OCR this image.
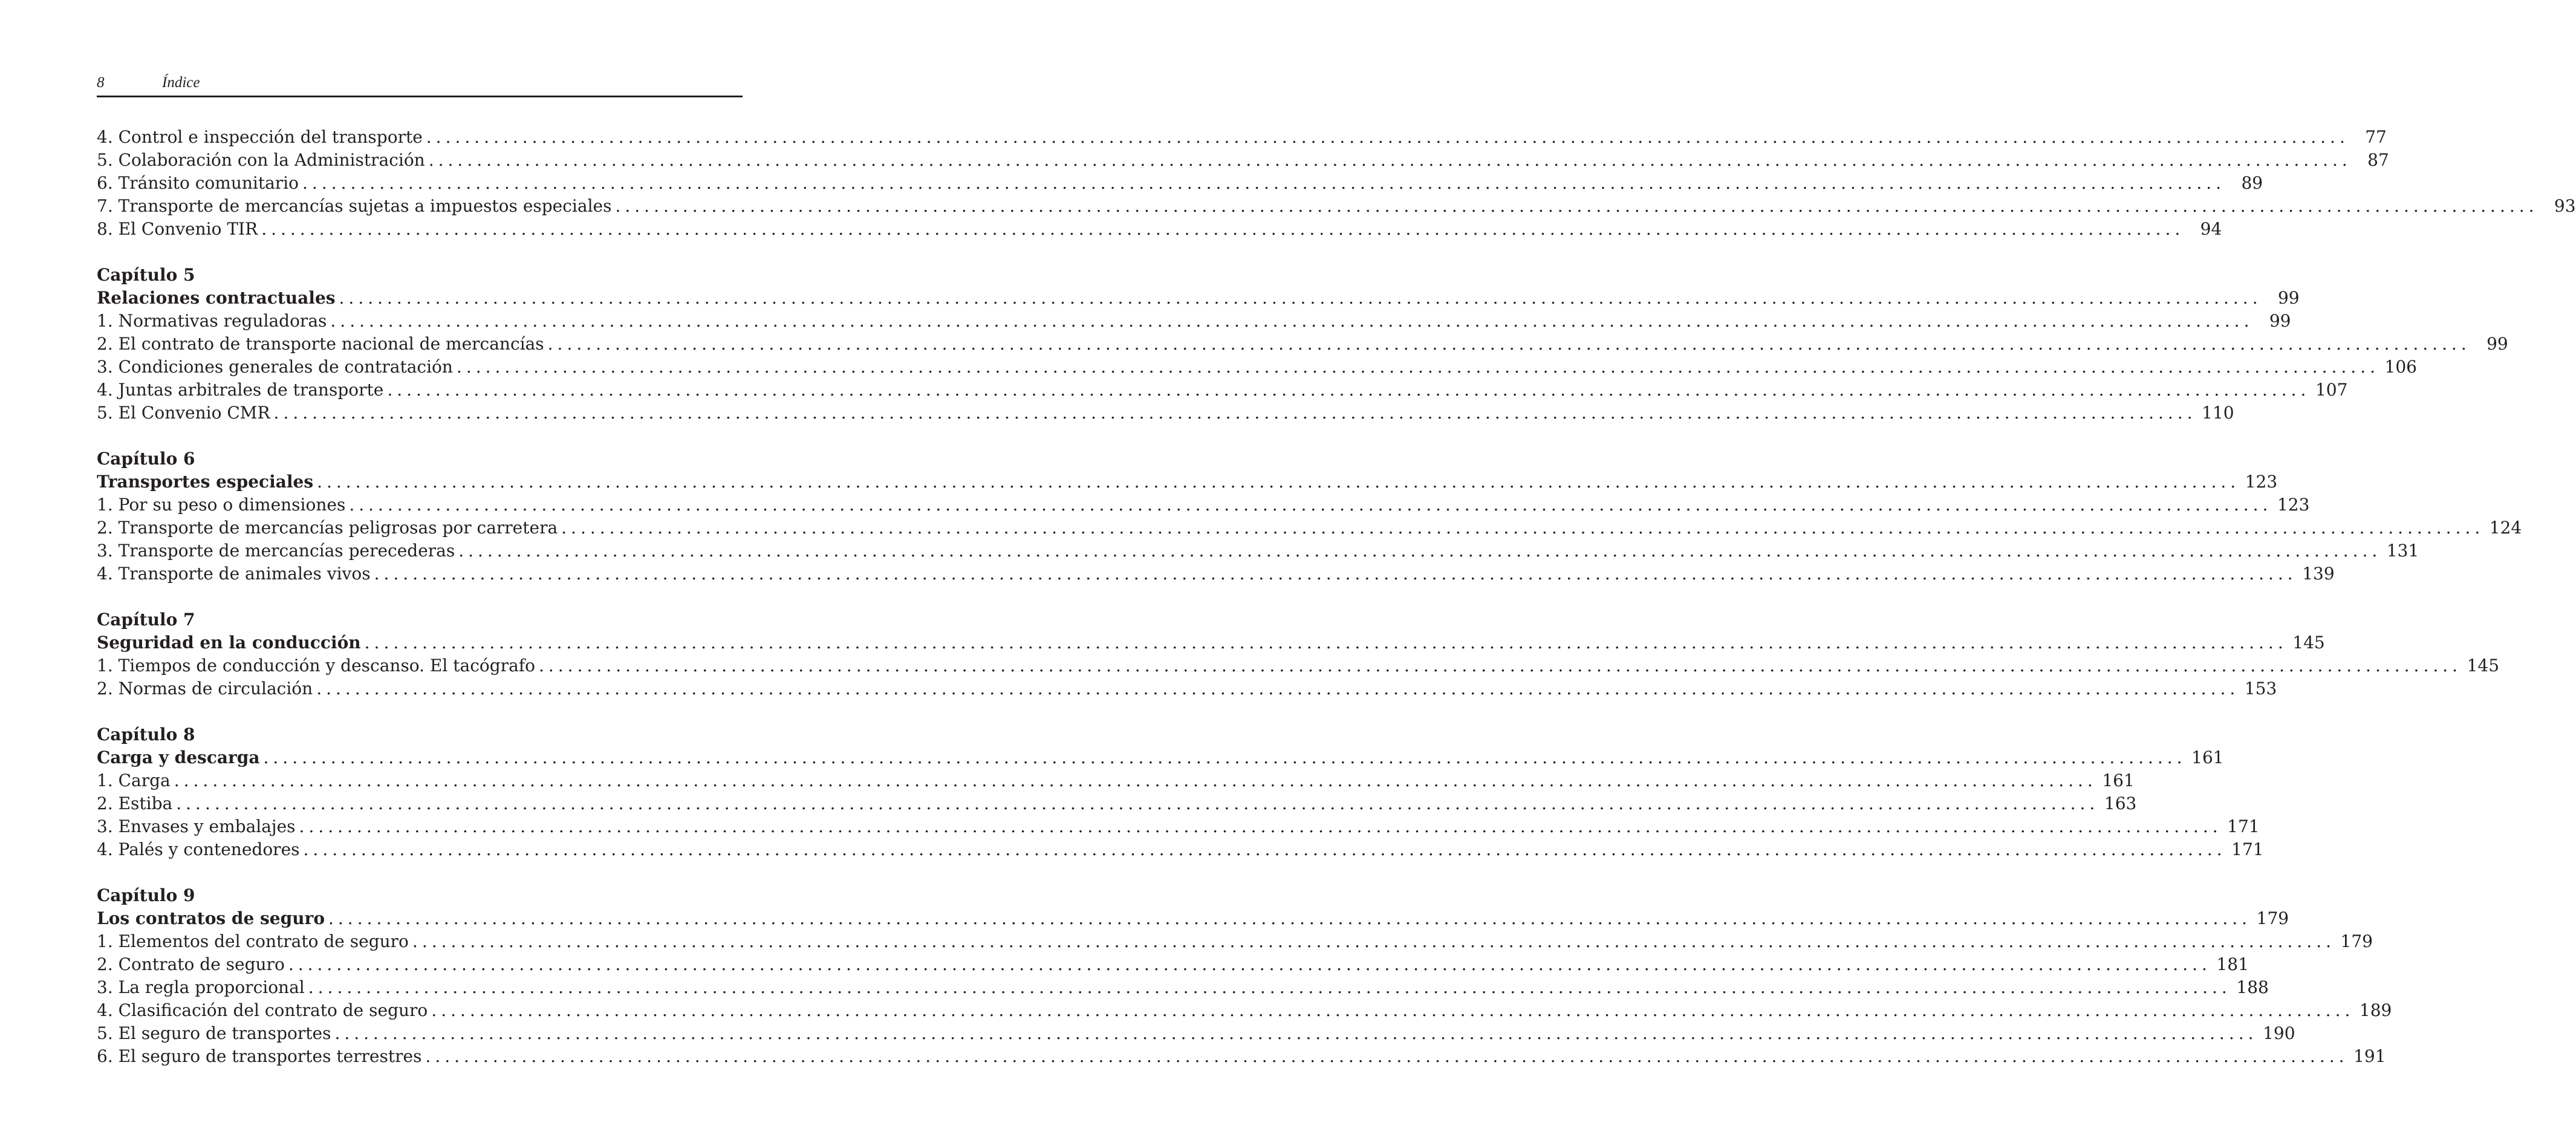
8	Índice
4. Control e inspección del transporte ........................................................................................................................................................................................................ 77
5. Colaboración con la Administración ........................................................................................................................................................................................................ 87
6. Tránsito comunitario ........................................................................................................................................................................................................ 89
7. Transporte de mercancías sujetas a impuestos especiales ........................................................................................................................................................................................................ 93
8. El Convenio TIR ........................................................................................................................................................................................................ 94
Capítulo 5
Relaciones contractuales ........................................................................................................................................................................................................ 99
1. Normativas reguladoras ........................................................................................................................................................................................................ 99
2. El contrato de transporte nacional de mercancías ........................................................................................................................................................................................................ 99
3. Condiciones generales de contratación ........................................................................................................................................................................................................ 106
4. Juntas arbitrales de transporte ........................................................................................................................................................................................................ 107
5. El Convenio CMR ........................................................................................................................................................................................................ 110
Capítulo 6
Transportes especiales ........................................................................................................................................................................................................ 123
1. Por su peso o dimensiones ........................................................................................................................................................................................................ 123
2. Transporte de mercancías peligrosas por carretera ........................................................................................................................................................................................................ 124
3. Transporte de mercancías perecederas ........................................................................................................................................................................................................ 131
4. Transporte de animales vivos ........................................................................................................................................................................................................ 139
Capítulo 7
Seguridad en la conducción ........................................................................................................................................................................................................ 145
1. Tiempos de conducción y descanso. El tacógrafo ........................................................................................................................................................................................................ 145
2. Normas de circulación ........................................................................................................................................................................................................ 153
Capítulo 8
Carga y descarga ........................................................................................................................................................................................................ 161
1. Carga ........................................................................................................................................................................................................ 161
2. Estiba ........................................................................................................................................................................................................ 163
3. Envases y embalajes ........................................................................................................................................................................................................ 171
4. Palés y contenedores ........................................................................................................................................................................................................ 171
Capítulo 9
Los contratos de seguro ........................................................................................................................................................................................................ 179
1. Elementos del contrato de seguro ........................................................................................................................................................................................................ 179
2. Contrato de seguro ........................................................................................................................................................................................................ 181
3. La regla proporcional ........................................................................................................................................................................................................ 188
4. Clasificación del contrato de seguro ........................................................................................................................................................................................................ 189
5. El seguro de transportes ........................................................................................................................................................................................................ 190
6. El seguro de transportes terrestres ........................................................................................................................................................................................................ 191
